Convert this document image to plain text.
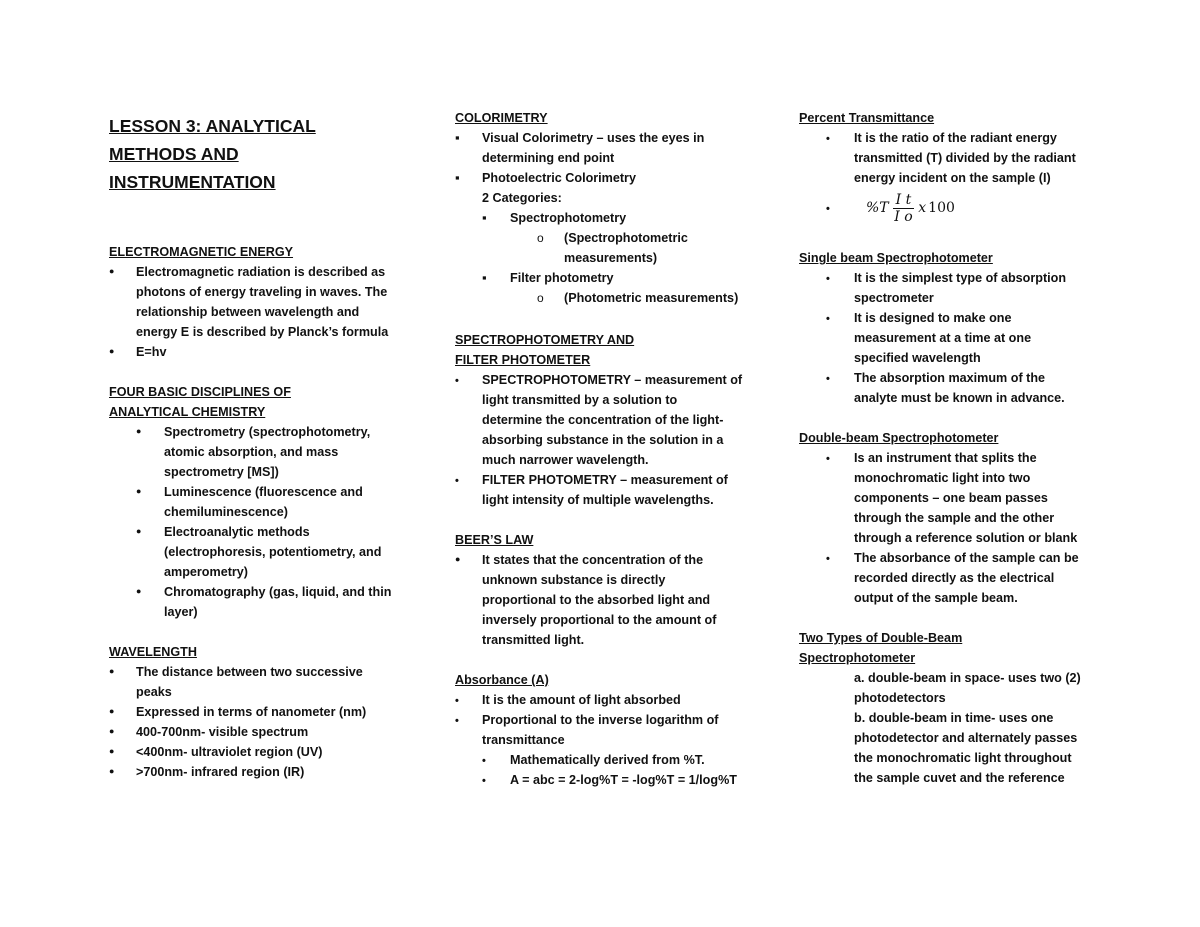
LESSON 3: ANALYTICAL
METHODS AND
INSTRUMENTATION
ELECTROMAGNETIC ENERGY
●
Electromagnetic radiation is described as
photons of energy traveling in waves. The
relationship between wavelength and
energy E is described by Planck’s formula
●
E=hv
FOUR BASIC DISCIPLINES OF
ANALYTICAL CHEMISTRY
●
Spectrometry (spectrophotometry,
atomic absorption, and mass
spectrometry [MS])
●
Luminescence (fluorescence and
chemiluminescence)
●
Electroanalytic methods
(electrophoresis, potentiometry, and
amperometry)
●
Chromatography (gas, liquid, and thin
layer)
WAVELENGTH
●
The distance between two successive
peaks
●
Expressed in terms of nanometer (nm)
●
400-700nm- visible spectrum
●
<400nm- ultraviolet region (UV)
●
>700nm- infrared region (IR)
COLORIMETRY
▪
Visual Colorimetry – uses the eyes in
determining end point
▪
Photoelectric Colorimetry
2 Categories:
▪
Spectrophotometry
o
(Spectrophotometric
measurements)
▪
Filter photometry
o
(Photometric measurements)
SPECTROPHOTOMETRY AND
FILTER PHOTOMETER
•
SPECTROPHOTOMETRY – measurement of
light transmitted by a solution to
determine the concentration of the light-
absorbing substance in the solution in a
much narrower wavelength.
•
FILTER PHOTOMETRY – measurement of
light intensity of multiple wavelengths.
BEER’S LAW
●
It states that the concentration of the
unknown substance is directly
proportional to the absorbed light and
inversely proportional to the amount of
transmitted light.
Absorbance (A)
•
It is the amount of light absorbed
•
Proportional to the inverse logarithm of
transmittance
•
Mathematically derived from %T.
•
A = abc = 2-log%T = -log%T = 1/log%T
Percent Transmittance
•
It is the ratio of the radiant energy
transmitted (T) divided by the radiant
energy incident on the sample (I)
•
$\%T \frac{\text{I t}}{\text{I o}}$ x 100
Single beam Spectrophotometer
•
It is the simplest type of absorption
spectrometer
•
It is designed to make one
measurement at a time at one
specified wavelength
•
The absorption maximum of the
analyte must be known in advance.
Double-beam Spectrophotometer
•
Is an instrument that splits the
monochromatic light into two
components – one beam passes
through the sample and the other
through a reference solution or blank
•
The absorbance of the sample can be
recorded directly as the electrical
output of the sample beam.
Two Types of Double-Beam
Spectrophotometer
a. double-beam in space- uses two (2)
photodetectors
b. double-beam in time- uses one
photodetector and alternately passes
the monochromatic light throughout
the sample cuvet and the reference
